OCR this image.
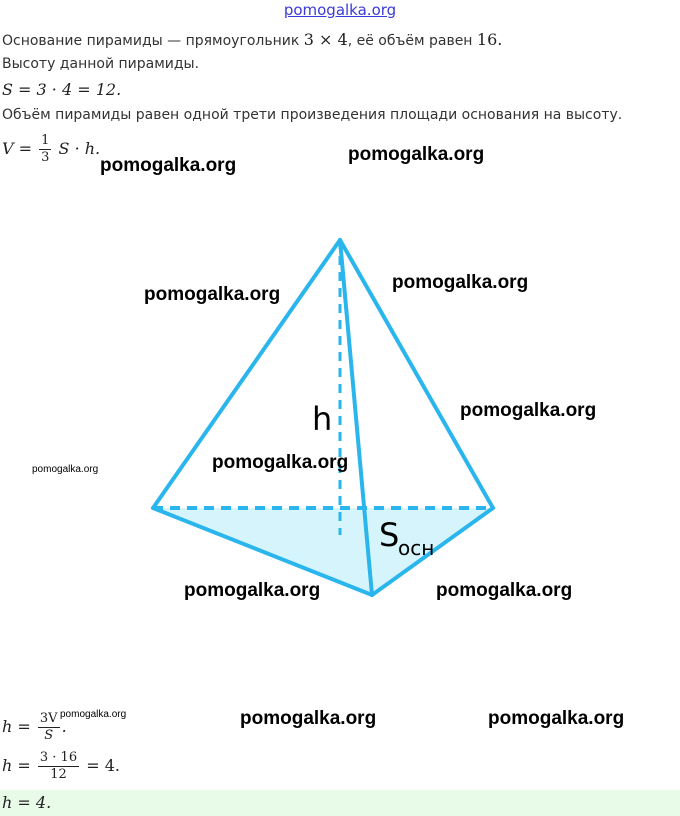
pomogalka.org
Основание пирамиды — прямоугольник 3 × 4, её объём равен 16.
Высоту данной пирамиды.
S = 3 · 4 = 12.
Объём пирамиды равен одной трети произведения площади основания на высоту.
$V = \frac{1}{3}$ S · h.
h
S
осн
$h = \frac{3V}{S}$ .
$h = \frac{3 \cdot 16}{12} = 4$.
h = 4.
pomogalka.org
pomogalka.org
pomogalka.org
pomogalka.org
pomogalka.org
pomogalka.org
pomogalka.org
pomogalka.org	pomogalka.org
pomogalka.org	pomogalka.org	pomogalka.org
